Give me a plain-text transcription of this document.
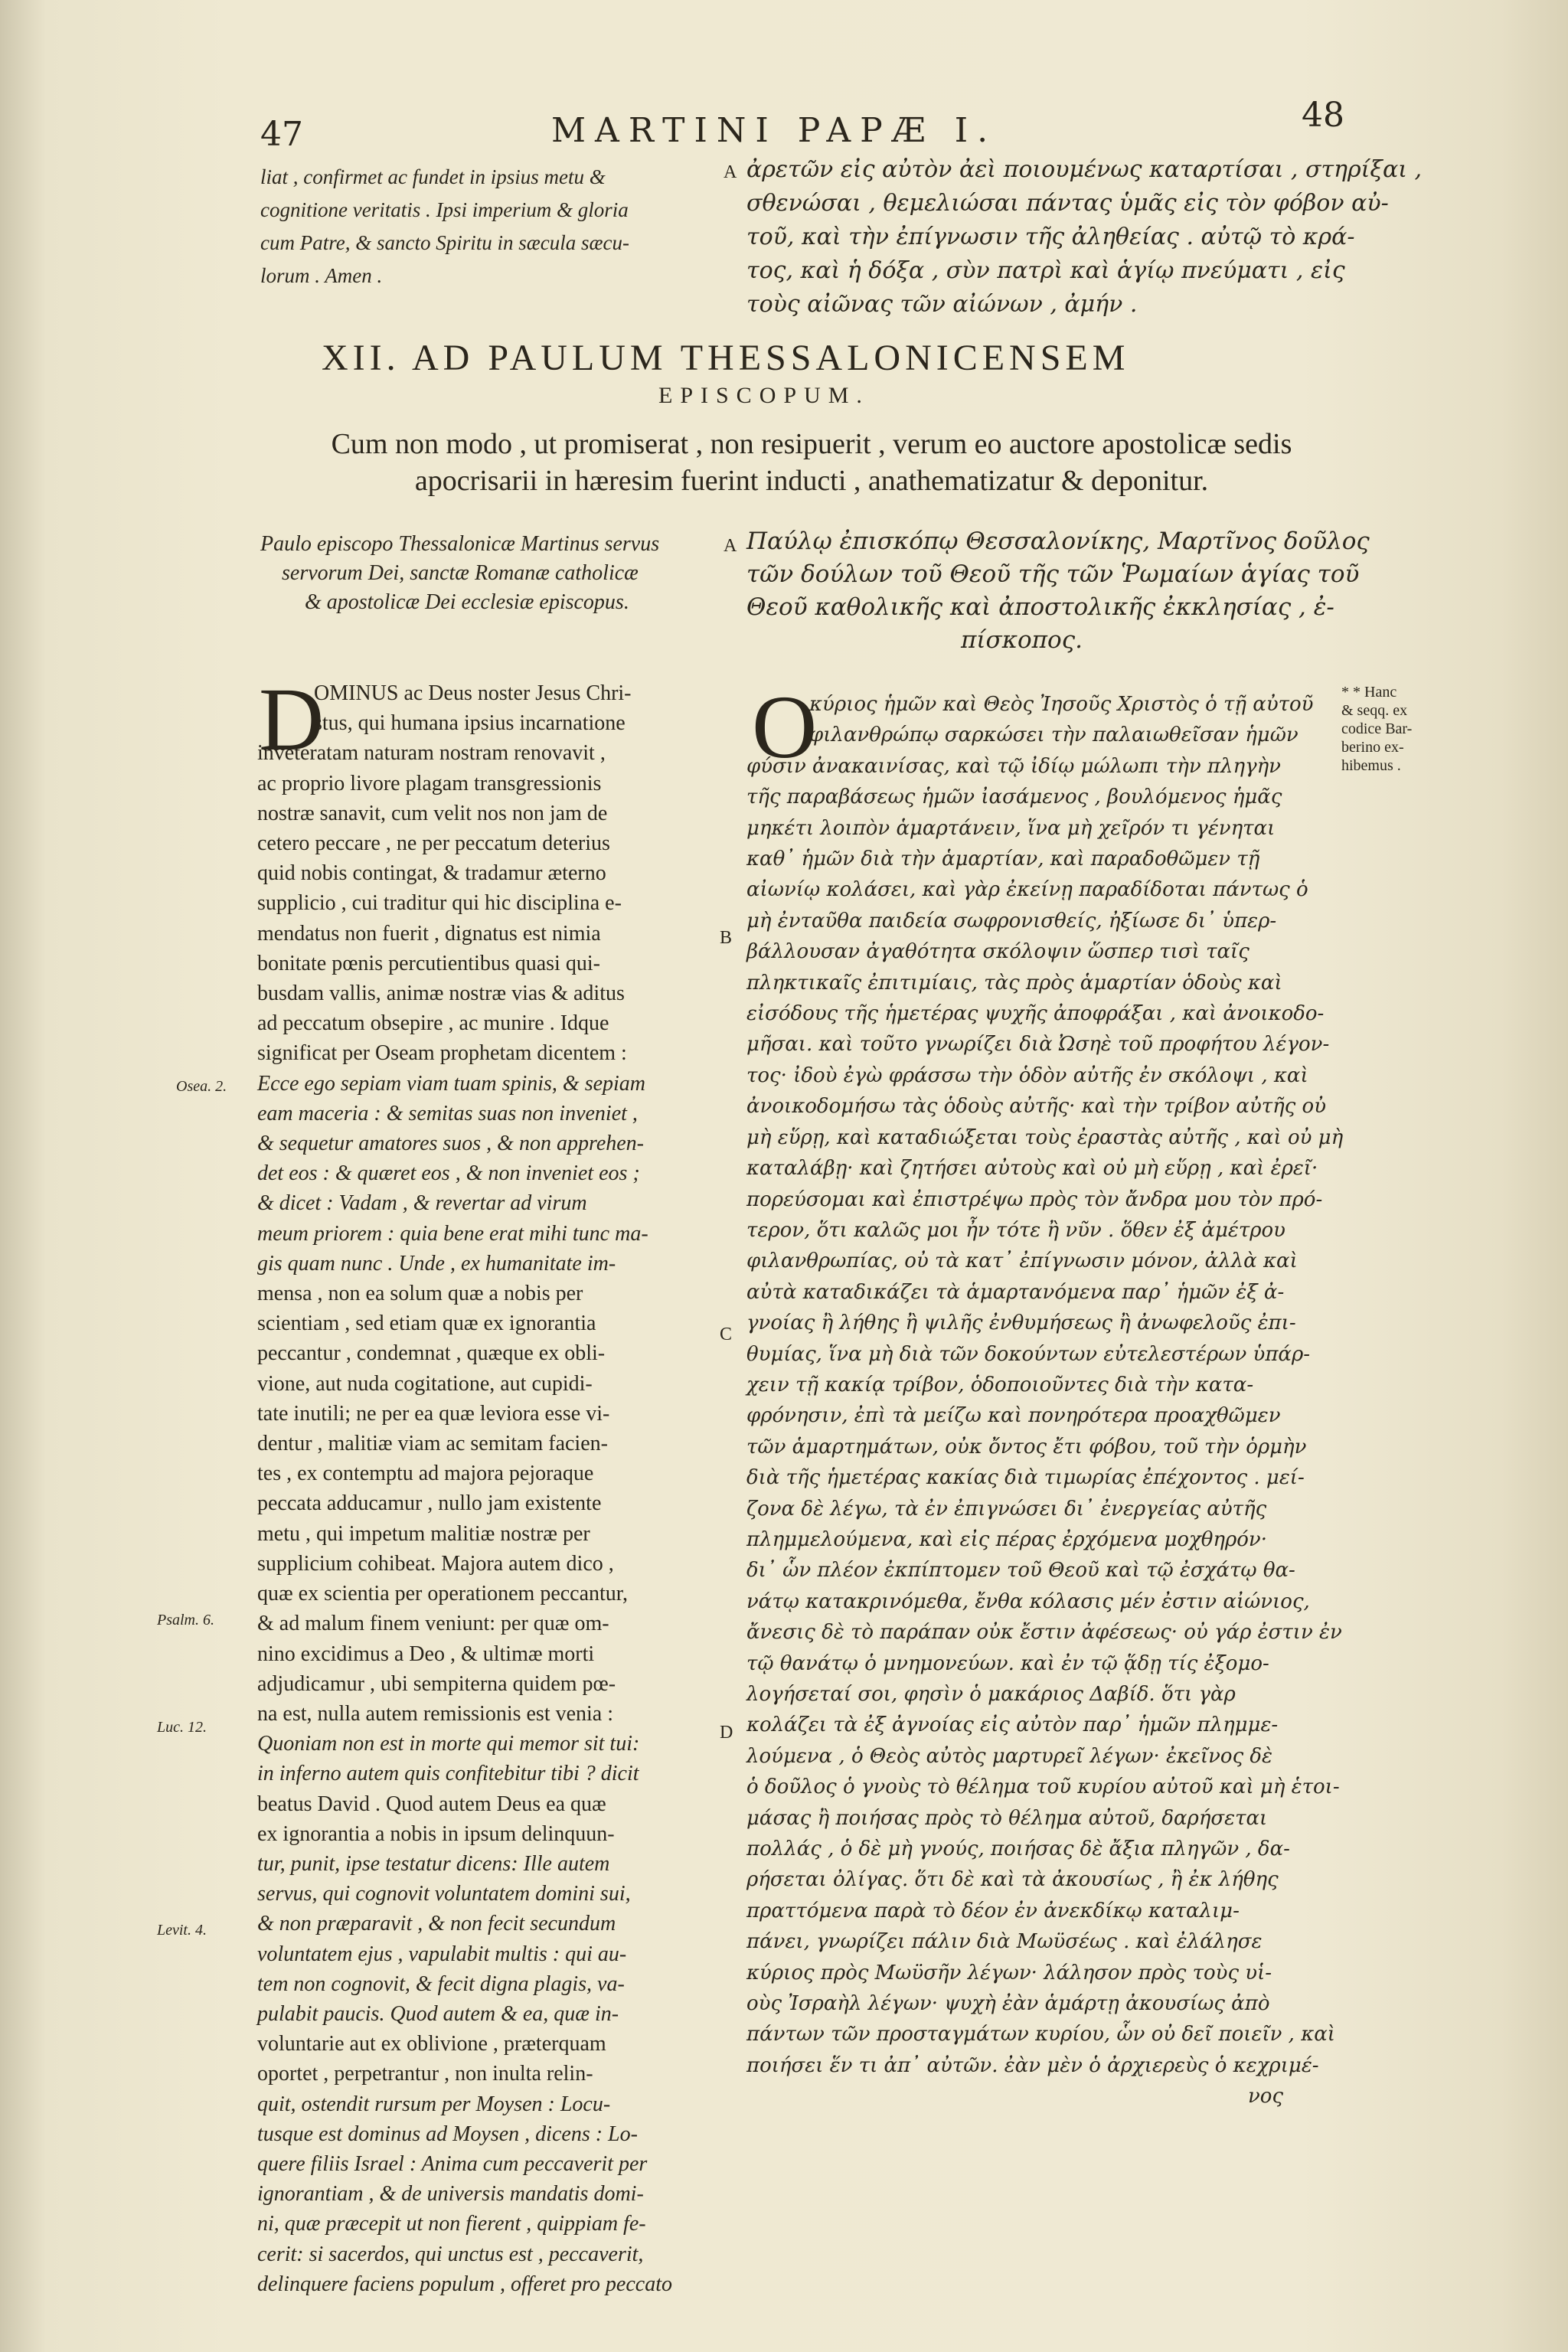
47	MARTINI PAPÆ I.	48
liat , confirmet ac fundet in ipsius metu &
cognitione veritatis . Ipsi imperium & gloria
cum Patre, & sancto Spiritu in sæcula sæcu-
lorum . Amen .
A ἀρετῶν εἰς αὐτὸν ἀεὶ ποιουμένως καταρτίσαι , στηρίξαι ,
σθενώσαι , θεμελιώσαι πάντας ὑμᾶς εἰς τὸν φόβον αὐ-
τοῦ, καὶ τὴν ἐπίγνωσιν τῆς ἀληθείας . αὐτῷ τὸ κρά-
τος, καὶ ἡ δόξα , σὺν πατρὶ καὶ ἁγίῳ πνεύματι , εἰς
τοὺς αἰῶνας τῶν αἰώνων , ἀμήν .
XII. AD PAULUM THESSALONICENSEM
EPISCOPUM.
Cum non modo , ut promiserat , non resipuerit , verum eo auctore apostolicæ sedis
apocrisarii in hæresim fuerint inducti , anathematizatur & deponitur.
Paulo episcopo Thessalonicæ Martinus servus
servorum Dei, sanctæ Romanæ catholicæ
& apostolicæ Dei ecclesiæ episcopus.
A Παύλῳ ἐπισκόπῳ Θεσσαλονίκης, Μαρτῖνος δοῦλος
τῶν δούλων τοῦ Θεοῦ τῆς τῶν Ῥωμαίων ἁγίας τοῦ
Θεοῦ καθολικῆς καὶ ἀποστολικῆς ἐκκλησίας , ἐ-
πίσκοπος.
D
OMINUS ac Deus noster Jesus Chri-
stus, qui humana ipsius incarnatione
inveteratam naturam nostram renovavit ,
ac proprio livore plagam transgressionis
nostræ sanavit, cum velit nos non jam de
cetero peccare , ne per peccatum deterius
quid nobis contingat, & tradamur æterno
supplicio , cui traditur qui hic disciplina e-
mendatus non fuerit , dignatus est nimia
bonitate pœnis percutientibus quasi qui-
busdam vallis, animæ nostræ vias & aditus
ad peccatum obsepire , ac munire . Idque
significat per Oseam prophetam dicentem :
Ecce ego sepiam viam tuam spinis, & sepiam
eam maceria : & semitas suas non inveniet ,
& sequetur amatores suos , & non apprehen-
det eos : & quæret eos , & non inveniet eos ;
& dicet : Vadam , & revertar ad virum
meum priorem : quia bene erat mihi tunc ma-
gis quam nunc . Unde , ex humanitate im-
mensa , non ea solum quæ a nobis per
scientiam , sed etiam quæ ex ignorantia
peccantur , condemnat , quæque ex obli-
vione, aut nuda cogitatione, aut cupidi-
tate inutili; ne per ea quæ leviora esse vi-
dentur , malitiæ viam ac semitam facien-
tes , ex contemptu ad majora pejoraque
peccata adducamur , nullo jam existente
metu , qui impetum malitiæ nostræ per
supplicium cohibeat. Majora autem dico ,
quæ ex scientia per operationem peccantur,
& ad malum finem veniunt: per quæ om-
nino excidimus a Deo , & ultimæ morti
adjudicamur , ubi sempiterna quidem pœ-
na est, nulla autem remissionis est venia :
Quoniam non est in morte qui memor sit tui:
in inferno autem quis confitebitur tibi ? dicit
beatus David . Quod autem Deus ea quæ
ex ignorantia a nobis in ipsum delinquun-
tur, punit, ipse testatur dicens: Ille autem
servus, qui cognovit voluntatem domini sui,
& non præparavit , & non fecit secundum
voluntatem ejus , vapulabit multis : qui au-
tem non cognovit, & fecit digna plagis, va-
pulabit paucis. Quod autem & ea, quæ in-
voluntarie aut ex oblivione , præterquam
oportet , perpetrantur , non inulta relin-
quit, ostendit rursum per Moysen : Locu-
tusque est dominus ad Moysen , dicens : Lo-
quere filiis Israel : Anima cum peccaverit per
ignorantiam , & de universis mandatis domi-
ni, quæ præcepit ut non fierent , quippiam fe-
cerit: si sacerdos, qui unctus est , peccaverit,
delinquere faciens populum , offeret pro peccato
B
C
D
Osea. 2.
Psalm. 6.
Luc. 12.
Levit. 4.
Ο
κύριος ἡμῶν καὶ Θεὸς Ἰησοῦς Χριστὸς ὁ τῇ αὐτοῦ
φιλανθρώπῳ σαρκώσει τὴν παλαιωθεῖσαν ἡμῶν
φύσιν ἀνακαινίσας, καὶ τῷ ἰδίῳ μώλωπι τὴν πληγὴν
τῆς παραβάσεως ἡμῶν ἰασάμενος , βουλόμενος ἡμᾶς
μηκέτι λοιπὸν ἁμαρτάνειν, ἵνα μὴ χεῖρόν τι γένηται
καθ᾽ ἡμῶν διὰ τὴν ἁμαρτίαν, καὶ παραδοθῶμεν τῇ
αἰωνίῳ κολάσει, καὶ γὰρ ἐκείνῃ παραδίδοται πάντως ὁ
μὴ ἐνταῦθα παιδεία σωφρονισθείς, ἠξίωσε δι᾽ ὑπερ-
βάλλουσαν ἀγαθότητα σκόλοψιν ὥσπερ τισὶ ταῖς
πληκτικαῖς ἐπιτιμίαις, τὰς πρὸς ἁμαρτίαν ὁδοὺς καὶ
εἰσόδους τῆς ἡμετέρας ψυχῆς ἀποφράξαι , καὶ ἀνοικοδο-
μῆσαι. καὶ τοῦτο γνωρίζει διὰ Ὠσηὲ τοῦ προφήτου λέγον-
τος· ἰδοὺ ἐγὼ φράσσω τὴν ὁδὸν αὐτῆς ἐν σκόλοψι , καὶ
ἀνοικοδομήσω τὰς ὁδοὺς αὐτῆς· καὶ τὴν τρίβον αὐτῆς οὐ
μὴ εὕρῃ, καὶ καταδιώξεται τοὺς ἐραστὰς αὐτῆς , καὶ οὐ μὴ
καταλάβῃ· καὶ ζητήσει αὐτοὺς καὶ οὐ μὴ εὕρῃ , καὶ ἐρεῖ·
πορεύσομαι καὶ ἐπιστρέψω πρὸς τὸν ἄνδρα μου τὸν πρό-
τερον, ὅτι καλῶς μοι ἦν τότε ἢ νῦν . ὅθεν ἐξ ἀμέτρου
φιλανθρωπίας, οὐ τὰ κατ᾽ ἐπίγνωσιν μόνον, ἀλλὰ καὶ
αὐτὰ καταδικάζει τὰ ἁμαρτανόμενα παρ᾽ ἡμῶν ἐξ ἀ-
γνοίας ἢ λήθης ἢ ψιλῆς ἐνθυμήσεως ἢ ἀνωφελοῦς ἐπι-
θυμίας, ἵνα μὴ διὰ τῶν δοκούντων εὐτελεστέρων ὑπάρ-
χειν τῇ κακίᾳ τρίβον, ὁδοποιοῦντες διὰ τὴν κατα-
φρόνησιν, ἐπὶ τὰ μείζω καὶ πονηρότερα προαχθῶμεν
τῶν ἁμαρτημάτων, οὐκ ὄντος ἔτι φόβου, τοῦ τὴν ὁρμὴν
διὰ τῆς ἡμετέρας κακίας διὰ τιμωρίας ἐπέχοντος . μεί-
ζονα δὲ λέγω, τὰ ἐν ἐπιγνώσει δι᾽ ἐνεργείας αὐτῆς
πλημμελούμενα, καὶ εἰς πέρας ἐρχόμενα μοχθηρόν·
δι᾽ ὧν πλέον ἐκπίπτομεν τοῦ Θεοῦ καὶ τῷ ἐσχάτῳ θα-
νάτῳ κατακρινόμεθα, ἔνθα κόλασις μέν ἐστιν αἰώνιος,
ἄνεσις δὲ τὸ παράπαν οὐκ ἔστιν ἀφέσεως· οὐ γάρ ἐστιν ἐν
τῷ θανάτῳ ὁ μνημονεύων. καὶ ἐν τῷ ᾅδῃ τίς ἐξομο-
λογήσεταί σοι, φησὶν ὁ μακάριος Δαβίδ. ὅτι γὰρ
κολάζει τὰ ἐξ ἀγνοίας εἰς αὐτὸν παρ᾽ ἡμῶν πλημμε-
λούμενα , ὁ Θεὸς αὐτὸς μαρτυρεῖ λέγων· ἐκεῖνος δὲ
ὁ δοῦλος ὁ γνοὺς τὸ θέλημα τοῦ κυρίου αὐτοῦ καὶ μὴ ἑτοι-
μάσας ἢ ποιήσας πρὸς τὸ θέλημα αὐτοῦ, δαρήσεται
πολλάς , ὁ δὲ μὴ γνούς, ποιήσας δὲ ἄξια πληγῶν , δα-
ρήσεται ὀλίγας. ὅτι δὲ καὶ τὰ ἀκουσίως , ἢ ἐκ λήθης
πραττόμενα παρὰ τὸ δέον ἐν ἀνεκδίκῳ καταλιμ-
πάνει, γνωρίζει πάλιν διὰ Μωϋσέως . καὶ ἐλάλησε
κύριος πρὸς Μωϋσῆν λέγων· λάλησον πρὸς τοὺς υἱ-
οὺς Ἰσραὴλ λέγων· ψυχὴ ἐὰν ἁμάρτῃ ἀκουσίως ἀπὸ
πάντων τῶν προσταγμάτων κυρίου, ὧν οὐ δεῖ ποιεῖν , καὶ
ποιήσει ἕν τι ἀπ᾽ αὐτῶν. ἐὰν μὲν ὁ ἀρχιερεὺς ὁ κεχριμέ-
νος
* * Hanc
& seqq. ex
codice Bar-
berino ex-
hibemus .
